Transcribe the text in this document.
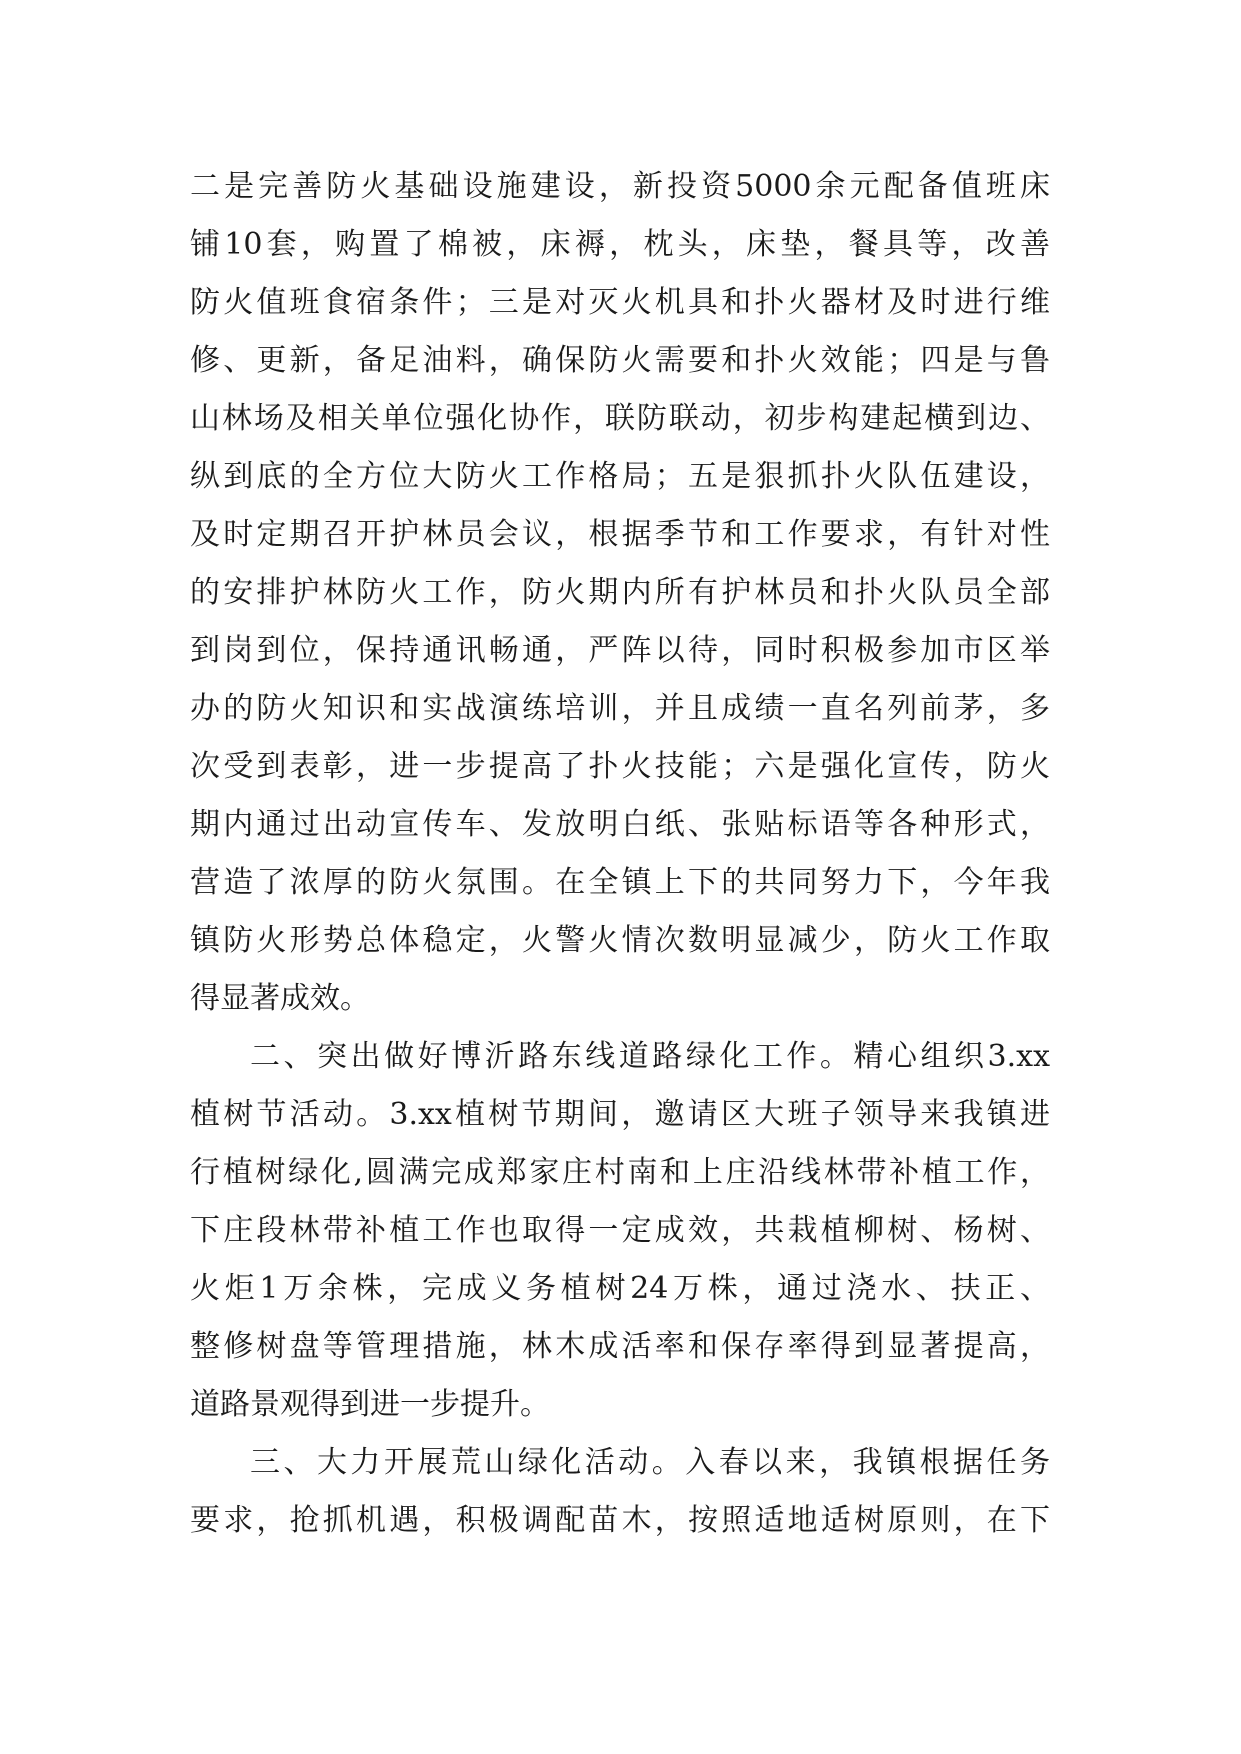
二是完善防火基础设施建设，新投资5000余元配备值班床
铺10套，购置了棉被，床褥，枕头，床垫，餐具等，改善
防火值班食宿条件；三是对灭火机具和扑火器材及时进行维
修、更新，备足油料，确保防火需要和扑火效能；四是与鲁
山林场及相关单位强化协作，联防联动，初步构建起横到边、
纵到底的全方位大防火工作格局；五是狠抓扑火队伍建设，
及时定期召开护林员会议，根据季节和工作要求，有针对性
的安排护林防火工作，防火期内所有护林员和扑火队员全部
到岗到位，保持通讯畅通，严阵以待，同时积极参加市区举
办的防火知识和实战演练培训，并且成绩一直名列前茅，多
次受到表彰，进一步提高了扑火技能；六是强化宣传，防火
期内通过出动宣传车、发放明白纸、张贴标语等各种形式，
营造了浓厚的防火氛围。在全镇上下的共同努力下，今年我
镇防火形势总体稳定，火警火情次数明显减少，防火工作取
得显著成效。
二、突出做好博沂路东线道路绿化工作。精心组织3.xx
植树节活动。3.xx植树节期间，邀请区大班子领导来我镇进
行植树绿化,圆满完成郑家庄村南和上庄沿线林带补植工作，
下庄段林带补植工作也取得一定成效，共栽植柳树、杨树、
火炬1万余株，完成义务植树24万株，通过浇水、扶正、
整修树盘等管理措施，林木成活率和保存率得到显著提高，
道路景观得到进一步提升。
三、大力开展荒山绿化活动。入春以来，我镇根据任务
要求，抢抓机遇，积极调配苗木，按照适地适树原则，在下
